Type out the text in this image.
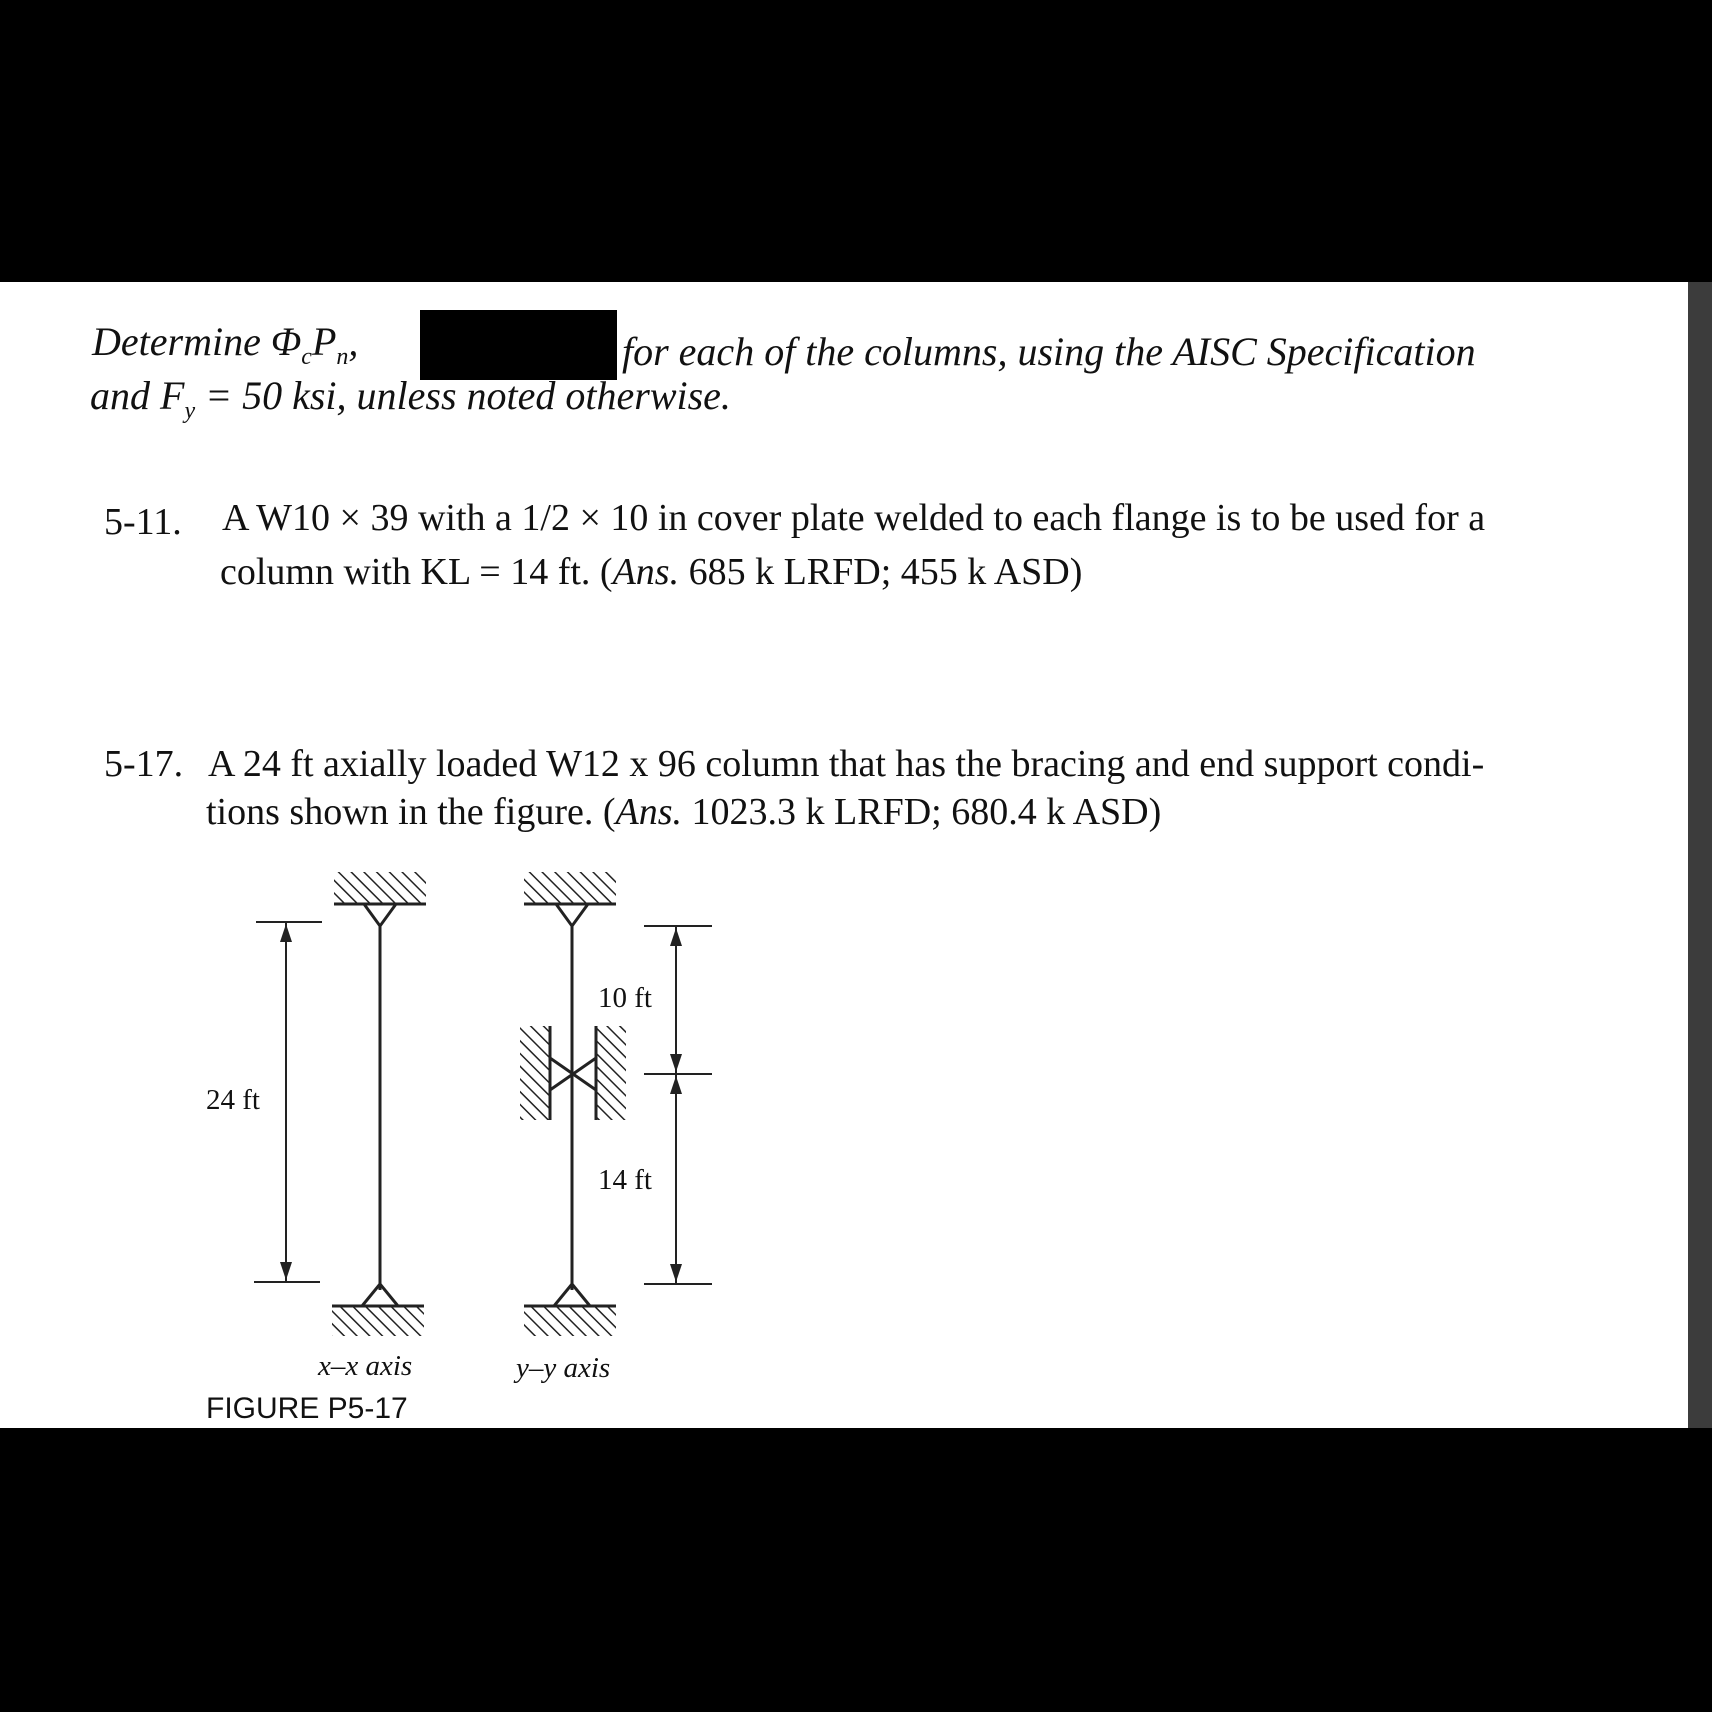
Determine $\Phi_cP_n$,	for each of the columns, using the AISC Specification
and $F_y = 50$ ksi, unless noted otherwise.
5-11. A W10 × 39 with a 1/2 × 10 in cover plate welded to each flange is to be used for a
column with KL = 14 ft. (Ans. 685 k LRFD; 455 k ASD)
5-17. A 24 ft axially loaded W12 x 96 column that has the bracing and end support condi-
tions shown in the figure. (Ans. 1023.3 k LRFD; 680.4 k ASD)
24 ft
10 ft
14 ft
x–x axis	y–y axis
FIGURE P5-17
